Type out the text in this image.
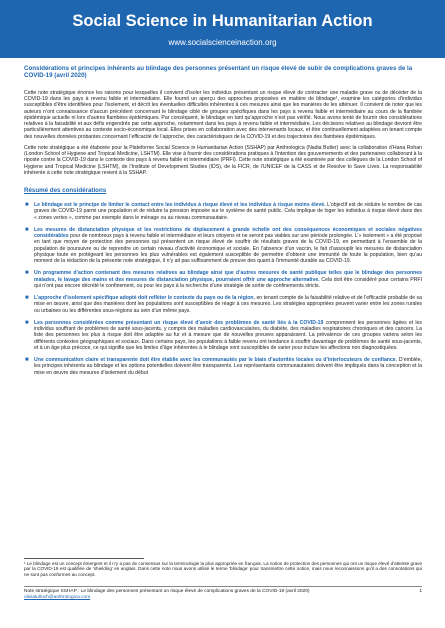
Social Science in Humanitarian Action
www.socialscienceinaction.org
Considérations et principes inhérents au blindage des personnes présentant un risque élevé de subir de complications graves de la COVID-19 (avril 2020)

Cette note stratégique énonce les raisons pour lesquelles il convient d’isoler les individus présentant un risque élevé de contracter une maladie grave ou de décéder de la COVID-19 dans les pays à revenu faible et intermédiaire. Elle fournit un aperçu des approches proposées en matière de blindage¹, examine les catégories d’individus susceptibles d’être identifiées pour l’isolement, et décrit les éventuelles difficultés inhérentes à ces mesures ainsi que les manières de les atténuer. Il convient de noter que les auteurs n’ont connaissance d’aucun précédent concernant le blindage ciblé de groupes spécifiques dans les pays à revenu faible et intermédiaire au cours de la flambée épidémique actuelle ni lors d’autres flambées épidémiques. Par conséquent, le blindage en tant qu’approche n’est pas vérifié. Nous avons tenté de fournir des considérations relatives à la faisabilité et aux défis engendrés par cette approche, notamment dans les pays à revenu faible et intermédiaire. Les décisions relatives au blindage devront être particulièrement attentives au contexte socio-économique local. Elles prises en collaboration avec des intervenants locaux, et être continuellement adaptées en tenant compte des nouvelles données probantes concernant l’efficacité de l’approche, des caractéristiques de la COVID-19 et des trajectoires des flambées épidémiques.

Cette note stratégique a été élaborée pour la Plateforme Social Science in Humanitarian Action (SSHAP) par Anthrologica (Nadia Butler) avec la collaboration d’Hana Rohan (London School of Hygiene and Tropical Medicine, LSHTM). Elle vise à fournir des considérations pratiques à l’intention des gouvernements et des partenaires collaborant à la riposte contre la COVID-19 dans le contexte des pays à revenu faible et intermédiaire (PRFI). Cette note stratégique a été examinée par des collègues de la London School of Hygiene and Tropical Medicine (LSHTM), de l’Institute of Development Studies (IDS), de la FICR, de l’UNICEF de la CASS et de Resolve to Save Lives. La responsabilité inhérente à cette note stratégique revient à la SSHAP.

Résumé des considérations
■ Le blindage est le principe de limiter le contact entre les individus à risque élevé et les individus à risque moins élevé. L’objectif est de réduire le nombre de cas graves de COVID-19 parmi une population et de réduire la pression imposée sur le système de santé public. Cela implique de loger les individus à risque élevé dans des « zones vertes », comme par exemple dans le ménage ou au niveau communautaire.
■ Les mesures de distanciation physique et les restrictions de déplacement à grande échelle ont des conséquences économiques et sociales négatives considérables pour de nombreux pays à revenu faible et intermédiaire et leurs citoyens et ne seront pas viables sur une période prolongée. L’« isolement » a été proposé en tant que moyen de protection des personnes qui présentent un risque élevé de souffrir de résultats graves de la COVID-19, en permettant à l’ensemble de la population de poursuivre ou de reprendre un certain niveau d’activité économique et sociale. En l’absence d’un vaccin, le fait d’assouplir les mesures de distanciation physique toute en protégeant les personnes les plus vulnérables est également susceptible de permettre d’obtenir une immunité de toute la population, bien qu’au moment de la rédaction de la présente note stratégique, il n’y ait pas suffisamment de preuve des quant à l’immunité durable au COVID-19.
■ Un programme d’action contenant des mesures relatives au blindage ainsi que d’autres mesures de santé publique telles que le blindage des personnes malades, le lavage des mains et des mesures de distanciation physique, pourraient offrir une approche alternative. Cela doit être considéré pour certains PRFI qui n’ont pas encore décrété le confinement, ou pour les pays à la recherche d’une stratégie de sortie de confinements stricts.
■ L’approche d’isolement spécifique adopté doit refléter le contexte du pays ou de la région, en tenant compte de la faisabilité relative et de l’efficacité probable de sa mise en œuvre, ainsi que des manières dont les populations sont susceptibles de réagir à ces mesures. Les stratégies appropriées peuvent varier entre les zones rurales ou urbaines ou les différentes sous-régions au sein d’un même pays.
■ Les personnes considérées comme présentant un risque élevé d’avoir des problèmes de santé liés à la COVID-19 comprennent les personnes âgées et les individus souffrant de problèmes de santé sous-jacents, y compris des maladies cardiovasculaires, du diabète, des maladies respiratoires chroniques et des cancers. La liste des personnes les plus à risque doit être adaptée au fur et à mesure que de nouvelles preuves apparaissent. La prévalence de ces groupes variera selon les différents contextes géographiques et sociaux. Dans certains pays, les populations à faible revenu ont tendance à souffrir davantage de problèmes de santé sous-jacents, et à un âge plus précoce, ce qui signifie que les limites d’âge inhérentes à le blindage sont susceptibles de varier pour inclure les affections non diagnostiquées.
■ Une communication claire et transparente doit être établie avec les communautés par le biais d’autorités locales ou d’interlocuteurs de confiance. D’emblée, les principes inhérents au blindage et les options potentielles doivent être transparents. Les représentants communautaires doivent être impliqués dans la conception et la mise en œuvre des mesures d’isolement du début
¹ Le blindage est un concept émergent et il n’y a pas de consensus sur la terminologie la plus appropriée en français. La notion de protection des personnes qui ont un risque élevé d’atteinte grave par la COVID-19 est qualifiée de ‘shielding’ en anglais. Dans cette note nous avons utilisé le terme ‘blindage’ pour transmettre cette notion, mais nous reconnaissons qu’il a des connotations qui ne sont pas conformes au concept.
Note stratégique SSHAP : Le blindage des personnes présentant un risque élevé de complications graves de la COVID-19 (avril 2020)
oliviatulloch@anthrologica.com
1
